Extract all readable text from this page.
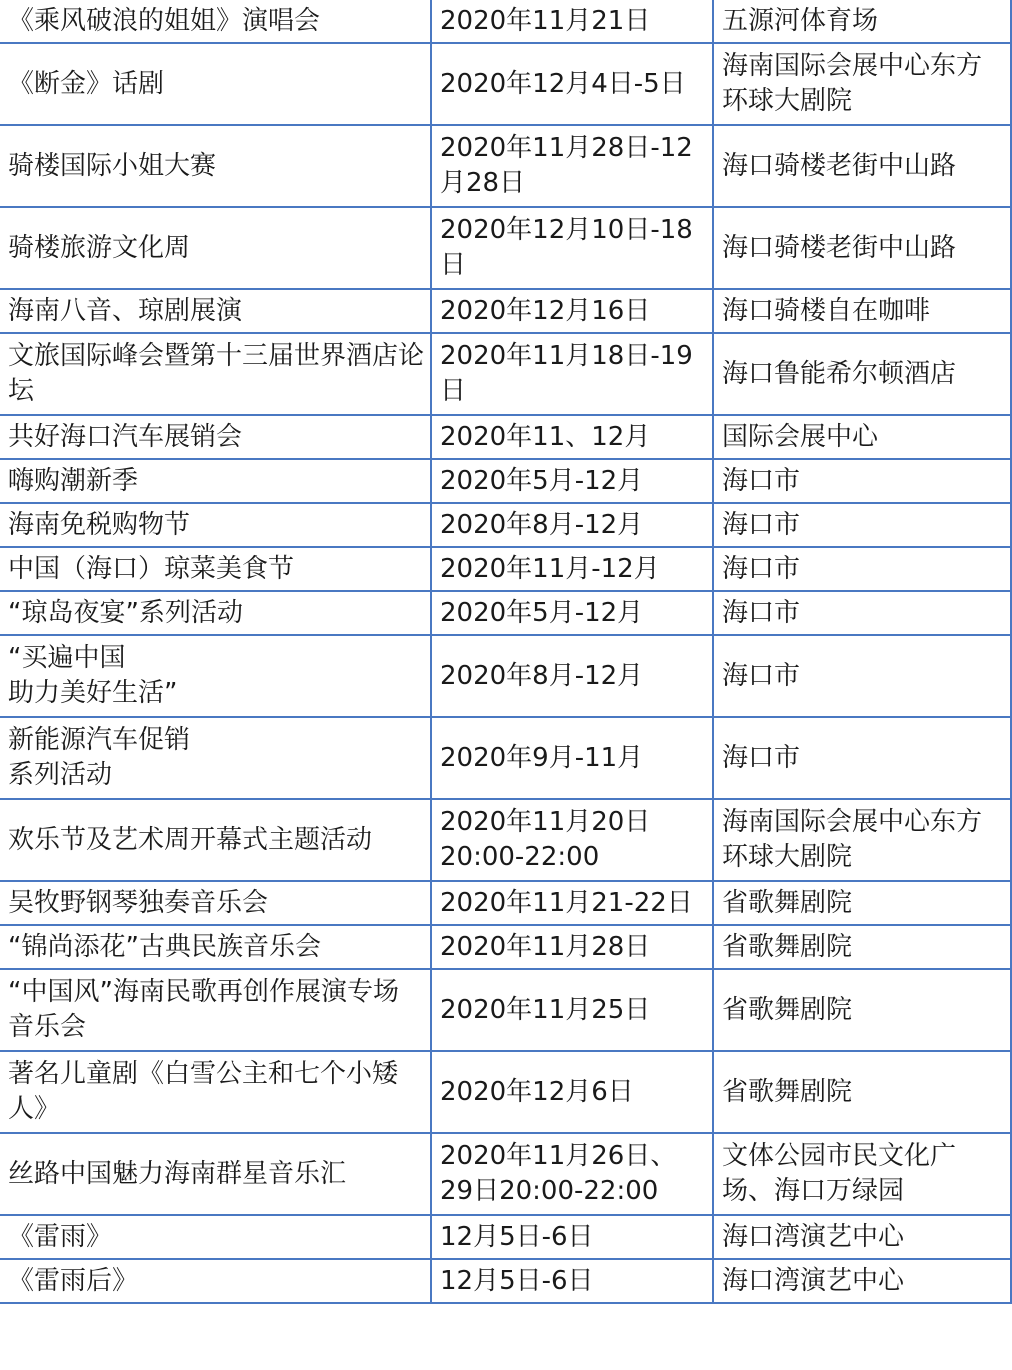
《乘风破浪的姐姐》演唱会	2020年11月21日	五源河体育场
《断金》话剧	2020年12月4日-5日	海南国际会展中心东方环球大剧院
骑楼国际小姐大赛	2020年11月28日-12月28日	海口骑楼老街中山路
骑楼旅游文化周	2020年12月10日-18日	海口骑楼老街中山路
海南八音、琼剧展演	2020年12月16日	海口骑楼自在咖啡
文旅国际峰会暨第十三届世界酒店论坛	2020年11月18日-19日	海口鲁能希尔顿酒店
共好海口汽车展销会	2020年11、12月	国际会展中心
嗨购潮新季	2020年5月-12月	海口市
海南免税购物节	2020年8月-12月	海口市
中国（海口）琼菜美食节	2020年11月-12月	海口市
“琼岛夜宴”系列活动	2020年5月-12月	海口市
“买遍中国
助力美好生活”	2020年8月-12月	海口市
新能源汽车促销
系列活动	2020年9月-11月	海口市
欢乐节及艺术周开幕式主题活动	2020年11月20日
20:00-22:00	海南国际会展中心东方环球大剧院
吴牧野钢琴独奏音乐会	2020年11月21-22日	省歌舞剧院
“锦尚添花”古典民族音乐会	2020年11月28日	省歌舞剧院
“中国风”海南民歌再创作展演专场音乐会	2020年11月25日	省歌舞剧院
著名儿童剧《白雪公主和七个小矮人》	2020年12月6日	省歌舞剧院
丝路中国魅力海南群星音乐汇	2020年11月26日、
29日20:00-22:00	文体公园市民文化广场、海口万绿园
《雷雨》	12月5日-6日	海口湾演艺中心
《雷雨后》	12月5日-6日	海口湾演艺中心
